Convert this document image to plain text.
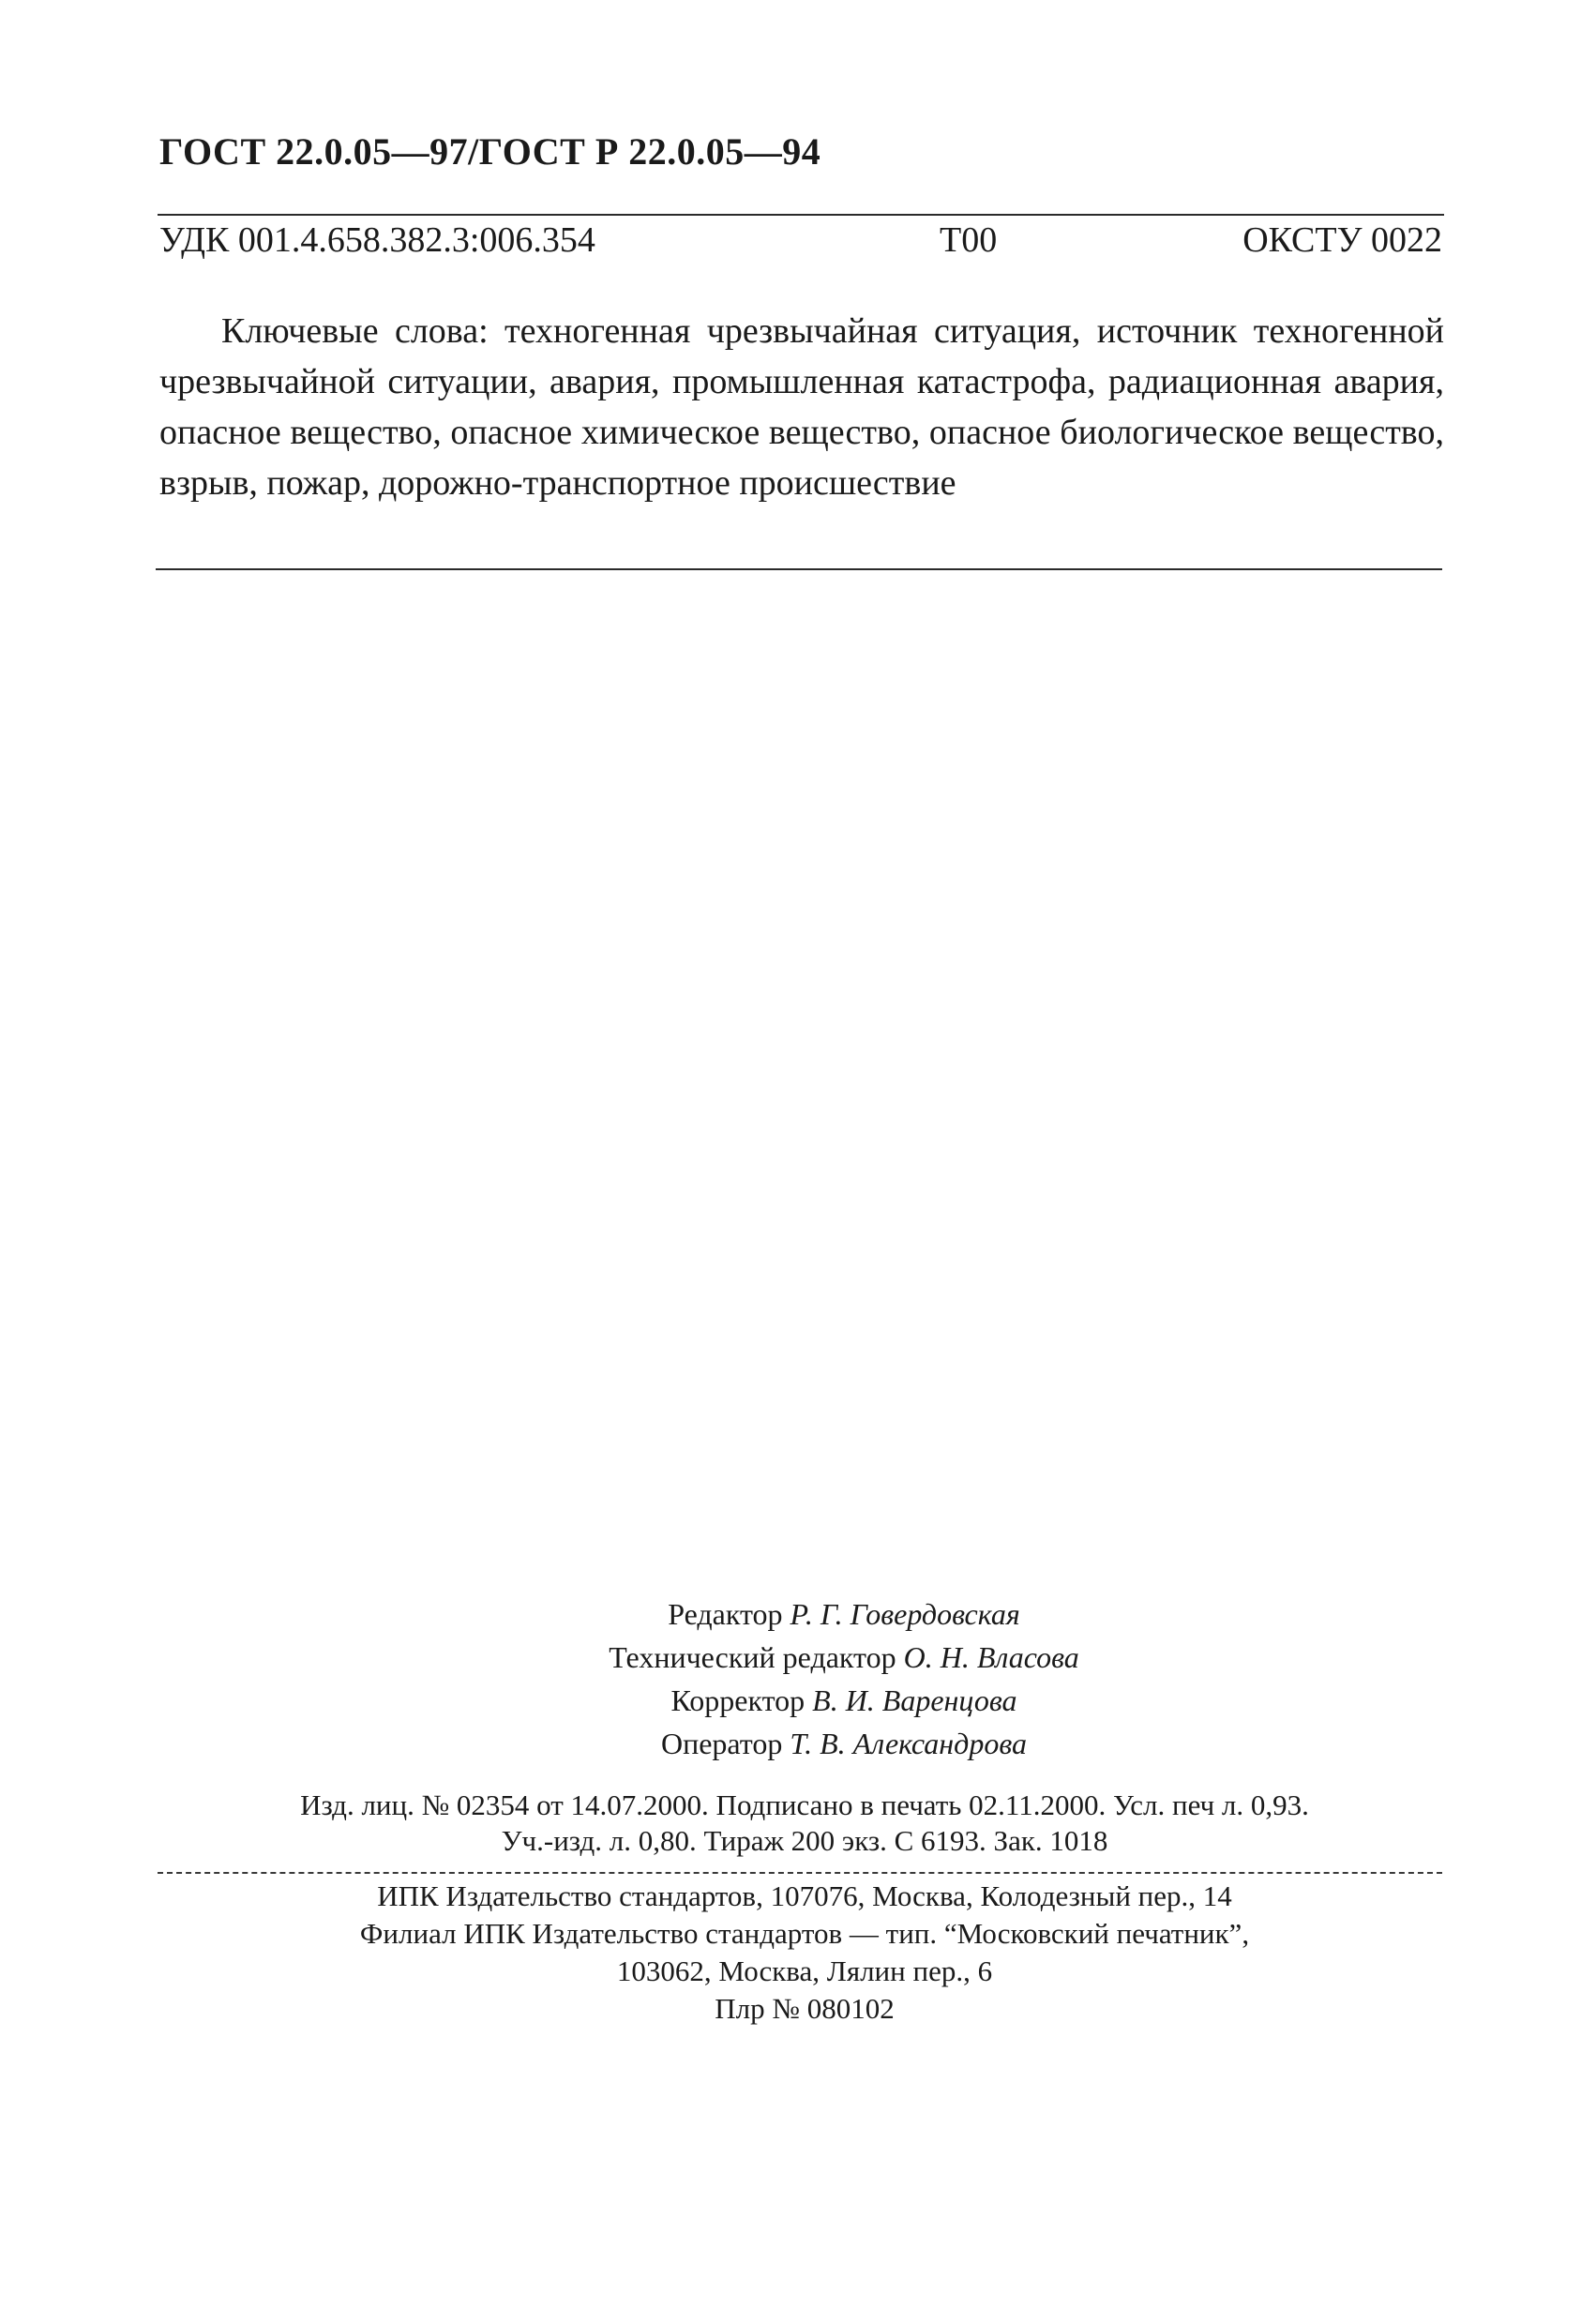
ГОСТ 22.0.05—97/ГОСТ Р 22.0.05—94
УДК 001.4.658.382.3:006.354	Т00	ОКСТУ 0022
Ключевые слова: техногенная чрезвычайная ситуация, источник техногенной чрезвычайной ситуации, авария, промышленная катастрофа, радиационная авария, опасное вещество, опасное химическое вещество, опасное биологическое вещество, взрыв, пожар, дорожно-транспортное происшествие
Редактор Р. Г. Говердовская
Технический редактор О. Н. Власова
Корректор В. И. Варенцова
Оператор Т. В. Александрова
Изд. лиц. № 02354 от 14.07.2000. Подписано в печать 02.11.2000. Усл. печ л. 0,93.
Уч.-изд. л. 0,80. Тираж 200 экз. С 6193. Зак. 1018
ИПК Издательство стандартов, 107076, Москва, Колодезный пер., 14
Филиал ИПК Издательство стандартов — тип. “Московский печатник”,
103062, Москва, Лялин пер., 6
Плр № 080102
